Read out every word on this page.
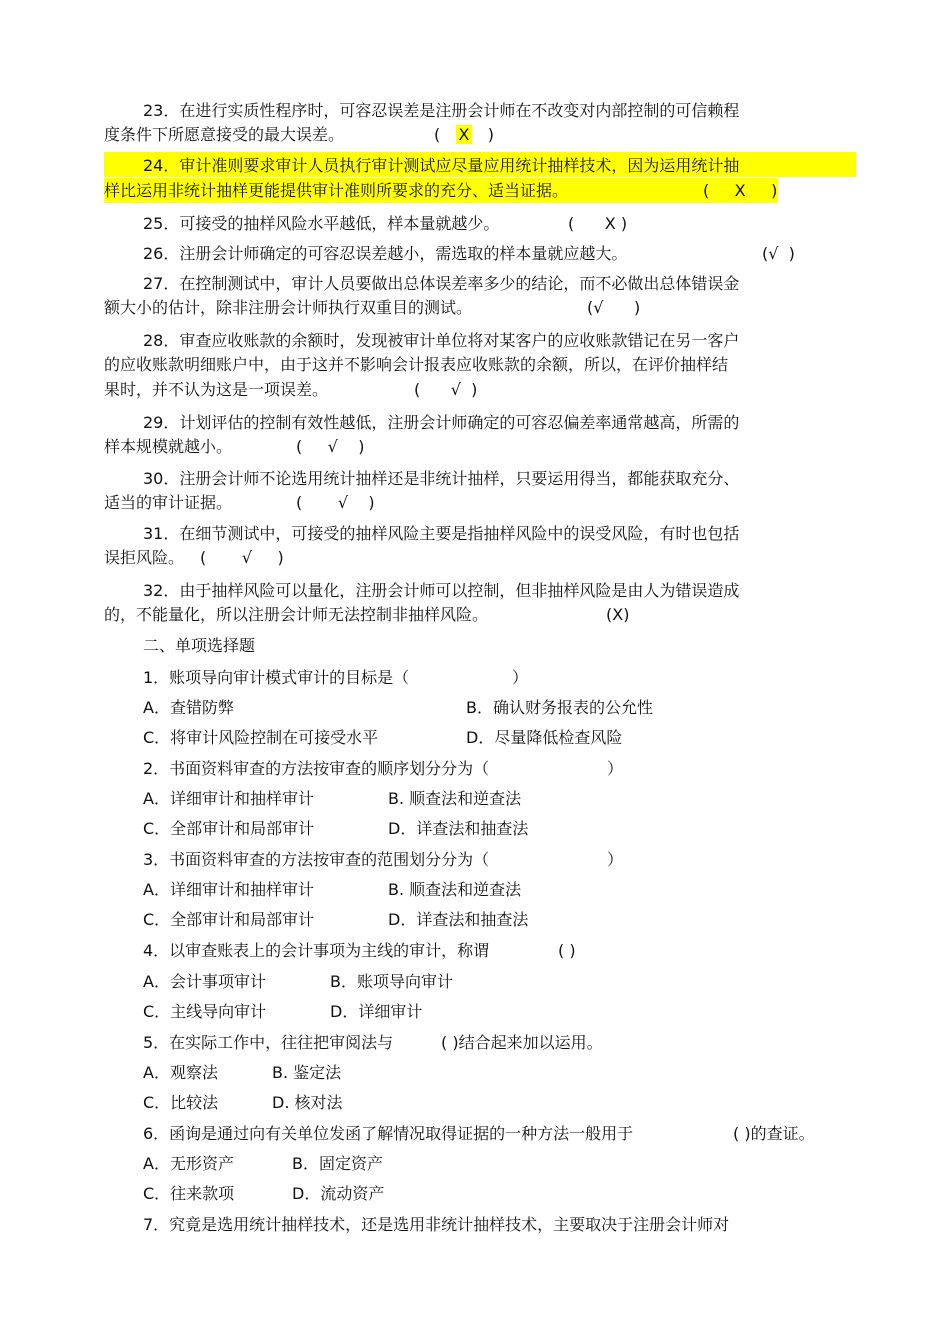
23．在进行实质性程序时，可容忍误差是注册会计师在不改变对内部控制的可信赖程
度条件下所愿意接受的最大误差。	(   X   )
24．审计准则要求审计人员执行审计测试应尽量应用统计抽样技术，因为运用统计抽
样比运用非统计抽样更能提供审计准则所要求的充分、适当证据。	(     X     )
25．可接受的抽样风险水平越低，样本量就越少。	(      X )
26．注册会计师确定的可容忍误差越小，需选取的样本量就应越大。	(√  )
27．在控制测试中，审计人员要做出总体误差率多少的结论，而不必做出总体错误金
额大小的估计，除非注册会计师执行双重目的测试。	(√      )
28．审查应收账款的余额时，发现被审计单位将对某客户的应收账款错记在另一客户
的应收账款明细账户中，由于这并不影响会计报表应收账款的余额，所以，在评价抽样结
果时，并不认为这是一项误差。	(      √  )
29．计划评估的控制有效性越低，注册会计师确定的可容忍偏差率通常越高，所需的
样本规模就越小。	(     √    )
30．注册会计师不论选用统计抽样还是非统计抽样，只要运用得当，都能获取充分、
适当的审计证据。	(       √    )
31．在细节测试中，可接受的抽样风险主要是指抽样风险中的误受风险，有时也包括
误拒风险。 (       √     )
32．由于抽样风险可以量化，注册会计师可以控制，但非抽样风险是由人为错误造成
的，不能量化，所以注册会计师无法控制非抽样风险。	(X)
二、单项选择题
1．账项导向审计模式审计的目标是（	）
A．查错防弊	B．确认财务报表的公允性
C．将审计风险控制在可接受水平	D．尽量降低检查风险
2．书面资料审查的方法按审查的顺序划分分为（	）
A．详细审计和抽样审计	B. 顺查法和逆查法
C．全部审计和局部审计	D．详查法和抽查法
3．书面资料审查的方法按审查的范围划分分为（	）
A．详细审计和抽样审计	B. 顺查法和逆查法
C．全部审计和局部审计	D．详查法和抽查法
4．以审查账表上的会计事项为主线的审计，称谓	( )
A．会计事项审计	B．账项导向审计
C．主线导向审计	D．详细审计
5．在实际工作中，往往把审阅法与	( )结合起来加以运用。
A．观察法	B. 鉴定法
C．比较法	D. 核对法
6．函询是通过向有关单位发函了解情况取得证据的一种方法一般用于	( )的查证。
A．无形资产	B．固定资产
C．往来款项	D．流动资产
7．究竟是选用统计抽样技术，还是选用非统计抽样技术，主要取决于注册会计师对
